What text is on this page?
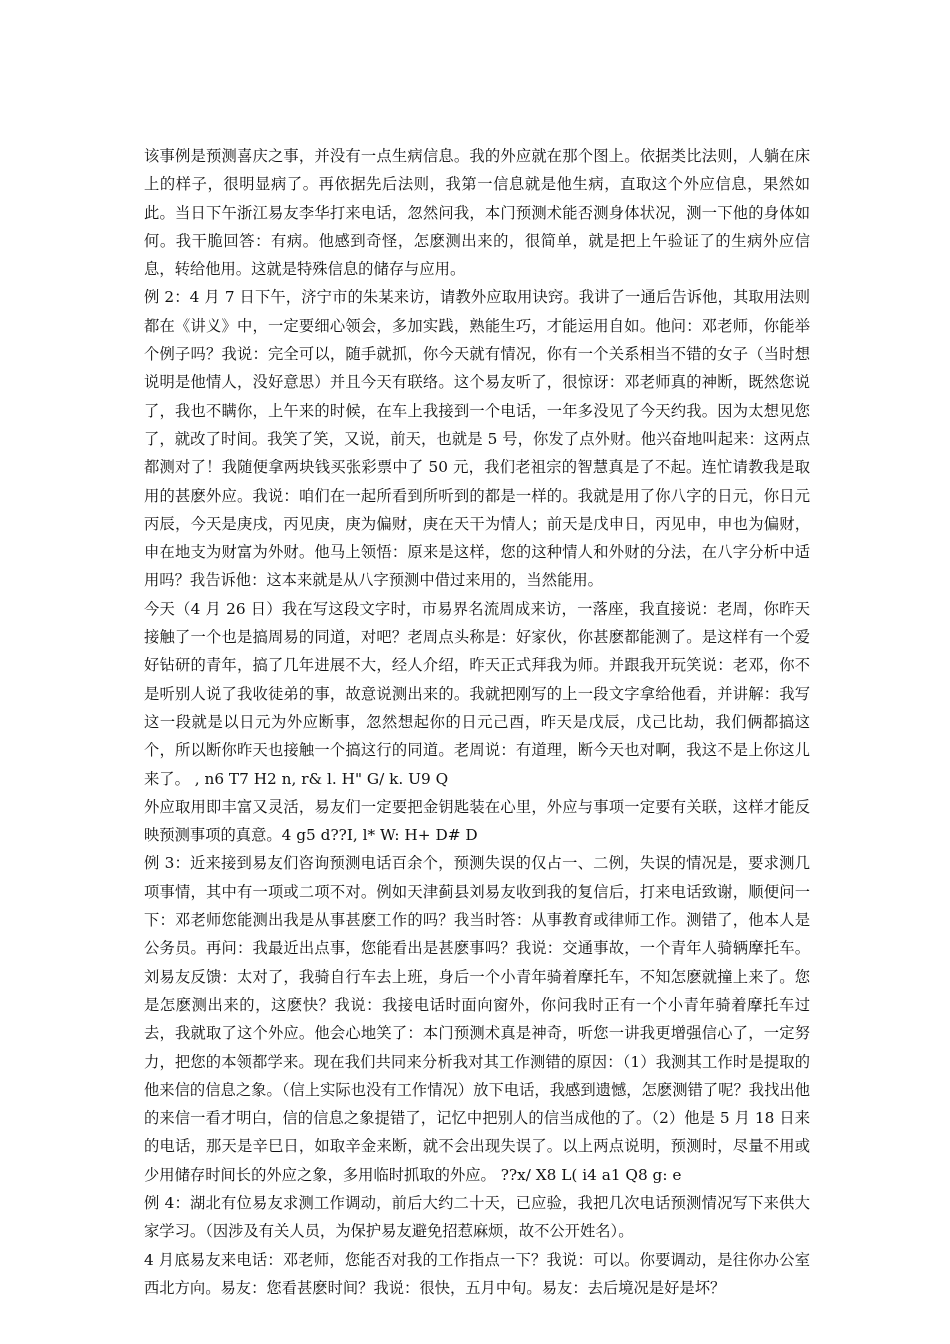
该事例是预测喜庆之事，并没有一点生病信息。我的外应就在那个图上。依据类比法则，人躺在床上的样子，很明显病了。再依据先后法则，我第一信息就是他生病，直取这个外应信息，果然如此。当日下午浙江易友李华打来电话，忽然问我，本门预测术能否测身体状况，测一下他的身体如何。我干脆回答：有病。他感到奇怪，怎麽测出来的，很简单，就是把上午验证了的生病外应信息，转给他用。这就是特殊信息的储存与应用。

例 2：4 月 7 日下午，济宁市的朱某来访，请教外应取用诀窍。我讲了一通后告诉他，其取用法则都在《讲义》中，一定要细心领会，多加实践，熟能生巧，才能运用自如。他问：邓老师，你能举个例子吗？我说：完全可以，随手就抓，你今天就有情况，你有一个关系相当不错的女子（当时想说明是他情人，没好意思）并且今天有联络。这个易友听了，很惊讶：邓老师真的神断，既然您说了，我也不瞒你，上午来的时候，在车上我接到一个电话，一年多没见了今天约我。因为太想见您了，就改了时间。我笑了笑，又说，前天，也就是 5 号，你发了点外财。他兴奋地叫起来：这两点都测对了！我随便拿两块钱买张彩票中了 50 元，我们老祖宗的智慧真是了不起。连忙请教我是取用的甚麽外应。我说：咱们在一起所看到所听到的都是一样的。我就是用了你八字的日元，你日元丙辰，今天是庚戌，丙见庚，庚为偏财，庚在天干为情人；前天是戊申日，丙见申，申也为偏财，申在地支为财富为外财。他马上领悟：原来是这样，您的这种情人和外财的分法，在八字分析中适用吗？我告诉他：这本来就是从八字预测中借过来用的，当然能用。

今天（4 月 26 日）我在写这段文字时，市易界名流周成来访，一落座，我直接说：老周，你昨天接触了一个也是搞周易的同道，对吧？老周点头称是：好家伙，你甚麽都能测了。是这样有一个爱好钻研的青年，搞了几年进展不大，经人介绍，昨天正式拜我为师。并跟我开玩笑说：老邓，你不是听别人说了我收徒弟的事，故意说测出来的。我就把刚写的上一段文字拿给他看，并讲解：我写这一段就是以日元为外应断事，忽然想起你的日元己酉，昨天是戊辰，戊己比劫，我们俩都搞这个，所以断你昨天也接触一个搞这行的同道。老周说：有道理，断今天也对啊，我这不是上你这儿来了。 , n6 T7 H2 n, r& l. H" G/ k. U9 Q

外应取用即丰富又灵活，易友们一定要把金钥匙装在心里，外应与事项一定要有关联，这样才能反映预测事项的真意。4 g5 d??I, l* W: H+ D# D

例 3：近来接到易友们咨询预测电话百余个，预测失误的仅占一、二例，失误的情况是，要求测几项事情，其中有一项或二项不对。例如天津蓟县刘易友收到我的复信后，打来电话致谢，顺便问一下：邓老师您能测出我是从事甚麽工作的吗？我当时答：从事教育或律师工作。测错了，他本人是公务员。再问：我最近出点事，您能看出是甚麽事吗？我说：交通事故，一个青年人骑辆摩托车。刘易友反馈：太对了，我骑自行车去上班，身后一个小青年骑着摩托车，不知怎麽就撞上来了。您是怎麽测出来的，这麽快？我说：我接电话时面向窗外，你问我时正有一个小青年骑着摩托车过去，我就取了这个外应。他会心地笑了：本门预测术真是神奇，听您一讲我更增强信心了，一定努力，把您的本领都学来。现在我们共同来分析我对其工作测错的原因：（1）我测其工作时是提取的他来信的信息之象。（信上实际也没有工作情况）放下电话，我感到遗憾，怎麽测错了呢？我找出他的来信一看才明白，信的信息之象提错了，记忆中把别人的信当成他的了。（2）他是 5 月 18 日来的电话，那天是辛巳日，如取辛金来断，就不会出现失误了。以上两点说明，预测时，尽量不用或少用储存时间长的外应之象，多用临时抓取的外应。 ??x/ X8 L( i4 a1 Q8 g: e

例 4：湖北有位易友求测工作调动，前后大约二十天，已应验，我把几次电话预测情况写下来供大家学习。（因涉及有关人员，为保护易友避免招惹麻烦，故不公开姓名）。

4 月底易友来电话：邓老师，您能否对我的工作指点一下？我说：可以。你要调动，是往你办公室西北方向。易友：您看甚麽时间？我说：很快，五月中旬。易友：去后境况是好是坏？
